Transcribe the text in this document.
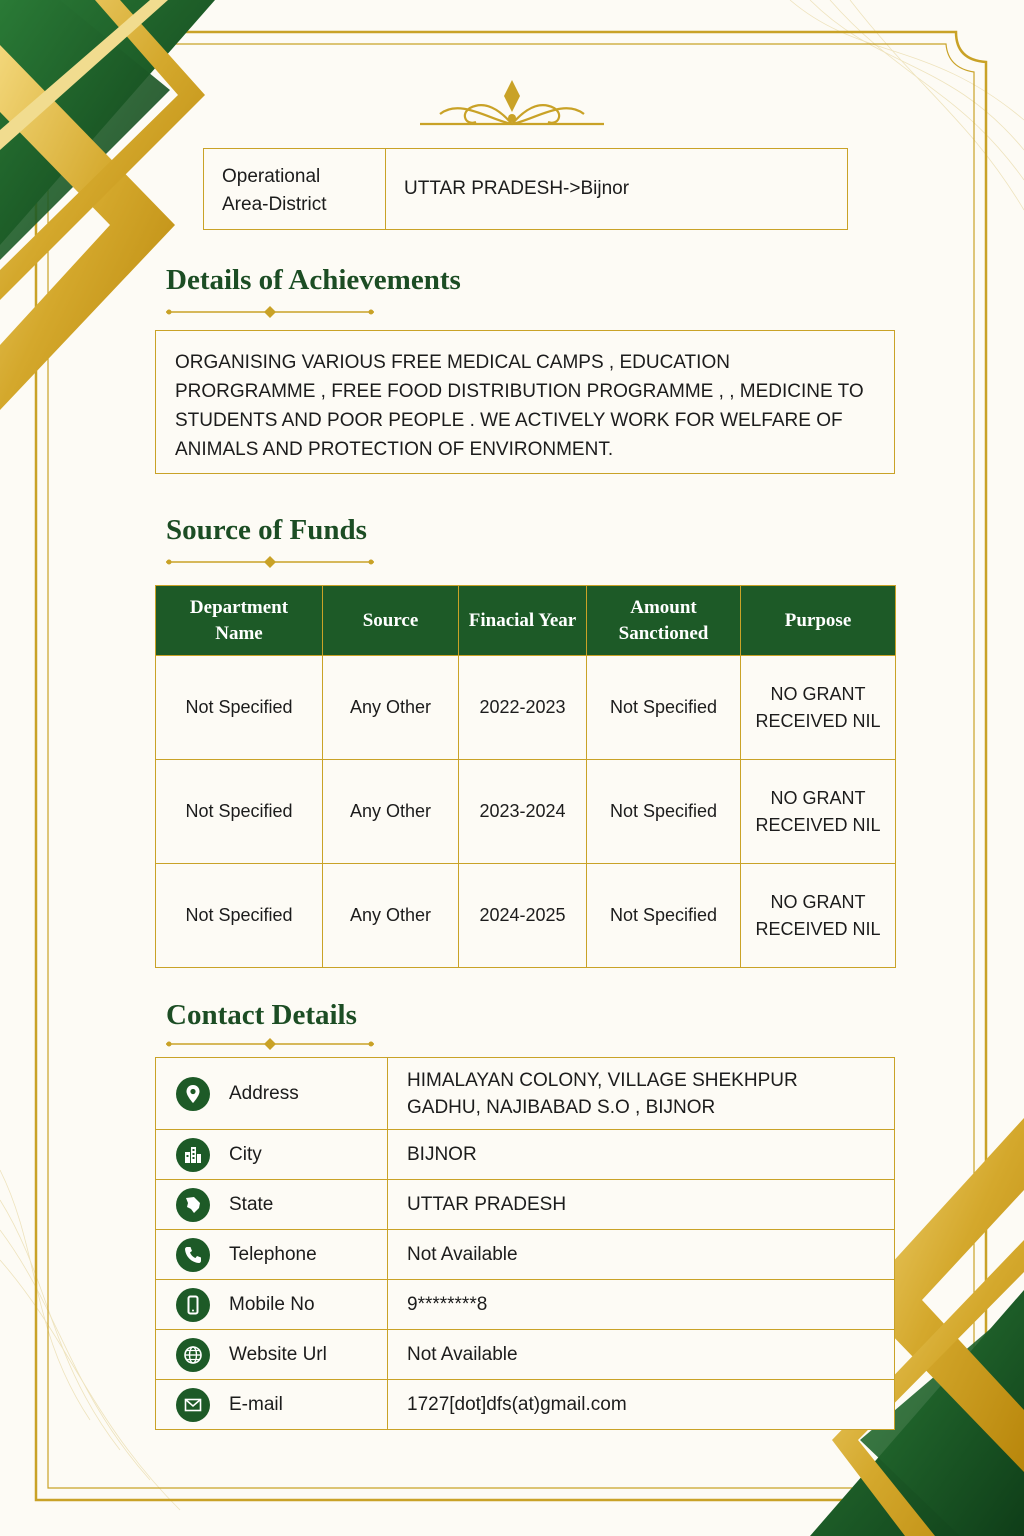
Operational Area-District
UTTAR PRADESH->Bijnor
Details of Achievements
ORGANISING VARIOUS FREE MEDICAL CAMPS , EDUCATION PRORGRAMME , FREE FOOD DISTRIBUTION PROGRAMME , , MEDICINE TO STUDENTS AND POOR PEOPLE . WE ACTIVELY WORK FOR WELFARE OF ANIMALS AND PROTECTION OF ENVIRONMENT.
Source of Funds
Department Name	Source	Finacial Year	Amount Sanctioned	Purpose
Not Specified	Any Other	2022-2023	Not Specified	NO GRANT RECEIVED NIL
Not Specified	Any Other	2023-2024	Not Specified	NO GRANT RECEIVED NIL
Not Specified	Any Other	2024-2025	Not Specified	NO GRANT RECEIVED NIL
Contact Details
Address	HIMALAYAN COLONY, VILLAGE SHEKHPUR GADHU, NAJIBABAD S.O , BIJNOR

City	BIJNOR

State	UTTAR PRADESH

Telephone	Not Available

Mobile No	9********8

Website Url	Not Available

E-mail	1727[dot]dfs(at)gmail.com
